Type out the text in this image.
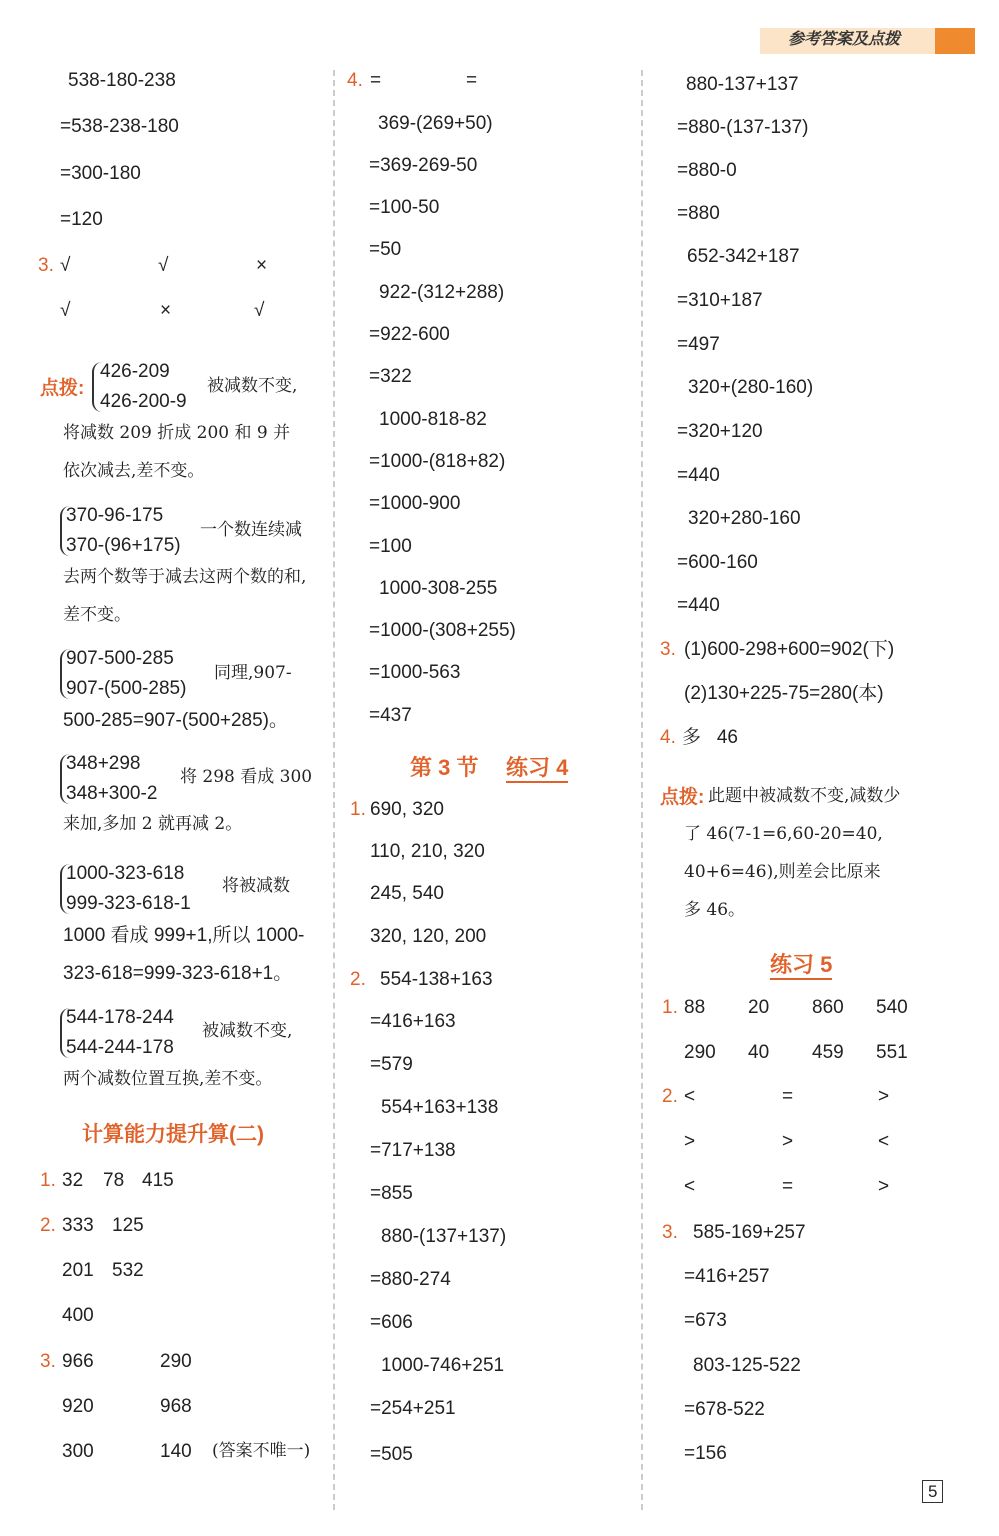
参考答案及点拨
538-180-238
=538-238-180
=300-180
=120
3. √	√	×
√	×	√
点拨:
426-209
426-200-9
被减数不变,
将减数 209 折成 200 和 9 并
依次减去,差不变。
370-96-175
370-(96+175)
一个数连续减
去两个数等于减去这两个数的和,
差不变。
907-500-285
907-(500-285)
同理,907-
500-285=907-(500+285)。
348+298
348+300-2
将 298 看成 300
来加,多加 2 就再减 2。
1000-323-618
999-323-618-1
将被减数
1000 看成 999+1,所以 1000-
323-618=999-323-618+1。
544-178-244
544-244-178
被减数不变,
两个减数位置互换,差不变。
计算能力提升算(二)
1. 32 78 415
2. 333 125
201 532
400
3. 966	290
920	968
300	140 (答案不唯一)
4. =	=
369-(269+50)
=369-269-50
=100-50
=50
922-(312+288)
=922-600
=322
1000-818-82
=1000-(818+82)
=1000-900
=100
1000-308-255
=1000-(308+255)
=1000-563
=437
第 3 节 练习 4
1. 690, 320
110, 210, 320
245, 540
320, 120, 200
2. 554-138+163
=416+163
=579
554+163+138
=717+138
=855
880-(137+137)
=880-274
=606
1000-746+251
=254+251
=505
880-137+137
=880-(137-137)
=880-0
=880
652-342+187
=310+187
=497
320+(280-160)
=320+120
=440
320+280-160
=600-160
=440
3. (1)600-298+600=902(下)
(2)130+225-75=280(本)
4. 多   46
点拨: 此题中被减数不变,减数少
了 46(7-1=6,60-20=40,
40+6=46),则差会比原来
多 46。
练习 5
1. 88 20 860 540
290 40 459 551
2. <	=	>
>	>	<
<	=	>
3. 585-169+257
=416+257
=673
803-125-522
=678-522
=156
5
